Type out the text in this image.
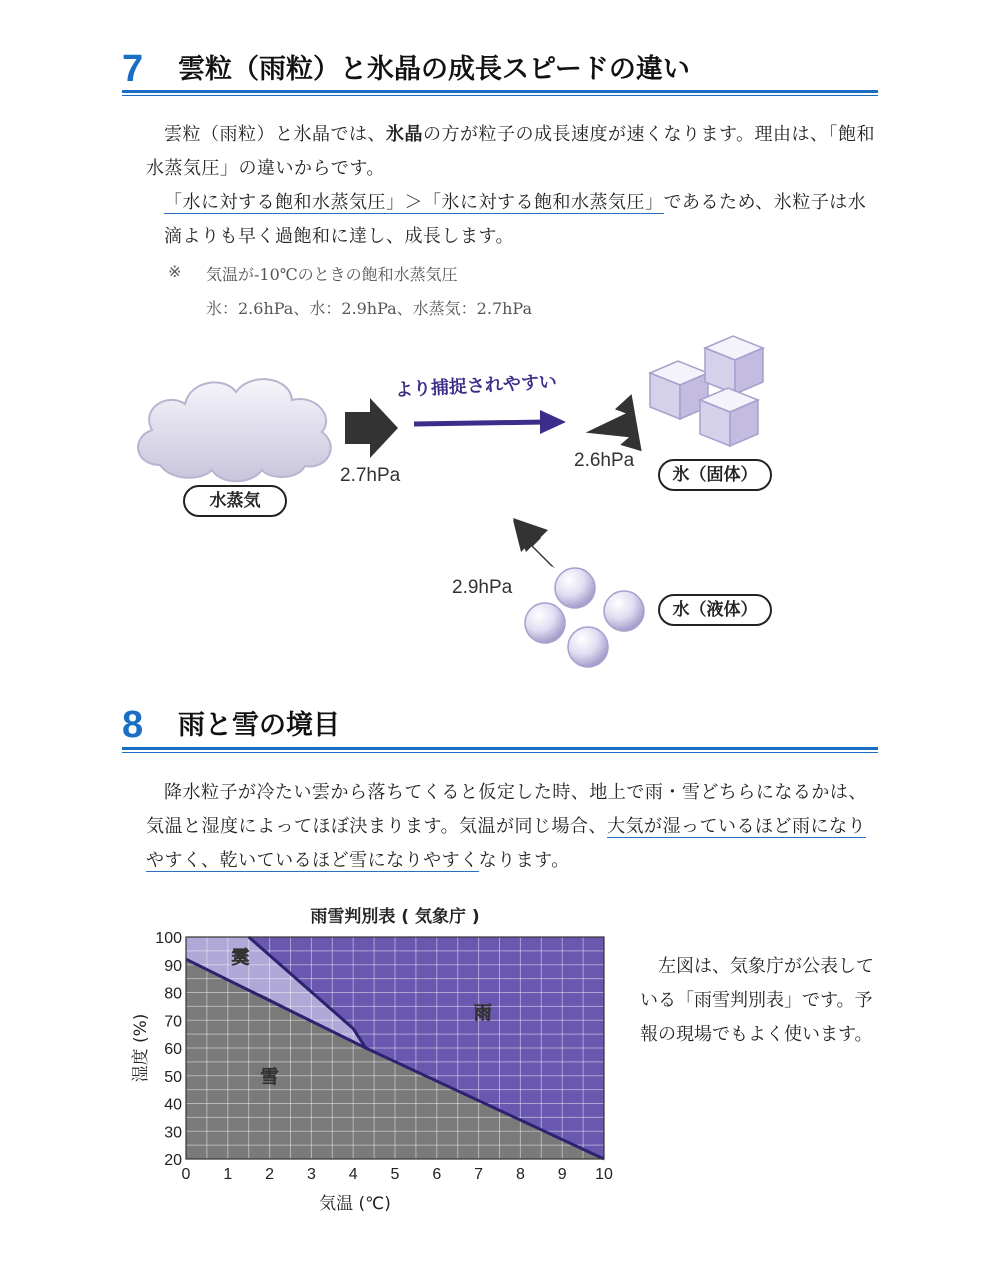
7 雲粒（雨粒）と氷晶の成長スピードの違い

雲粒（雨粒）と氷晶では、氷晶の方が粒子の成長速度が速くなります。理由は、「飽和水蒸気圧」の違いからです。

「水に対する飽和水蒸気圧」＞「氷に対する飽和水蒸気圧」であるため、氷粒子は水滴よりも早く過飽和に達し、成長します。

※ 気温が-10℃のときの飽和水蒸気圧
氷：2.6hPa、水：2.9hPa、水蒸気：2.7hPa
より捕捉されやすい
2.7hPa
2.6hPa
2.9hPa
水蒸気
氷（固体）
水（液体）
8 雨と雪の境目

降水粒子が冷たい雲から落ちてくると仮定した時、地上で雨・雪どちらになるかは、気温と湿度によってほぼ決まります。気温が同じ場合、大気が湿っているほど雨になりやすく、乾いているほど雪になりやすくなります。

雨雪判別表 ( 気象庁 )
0 1 2 3 4 5 6 7 8 9 10
20
30
40
50
60
70
80
90
100
霙
雨
雪
気温 (℃)
湿度 (%)

左図は、気象庁が公表している「雨雪判別表」です。予報の現場でもよく使います。
